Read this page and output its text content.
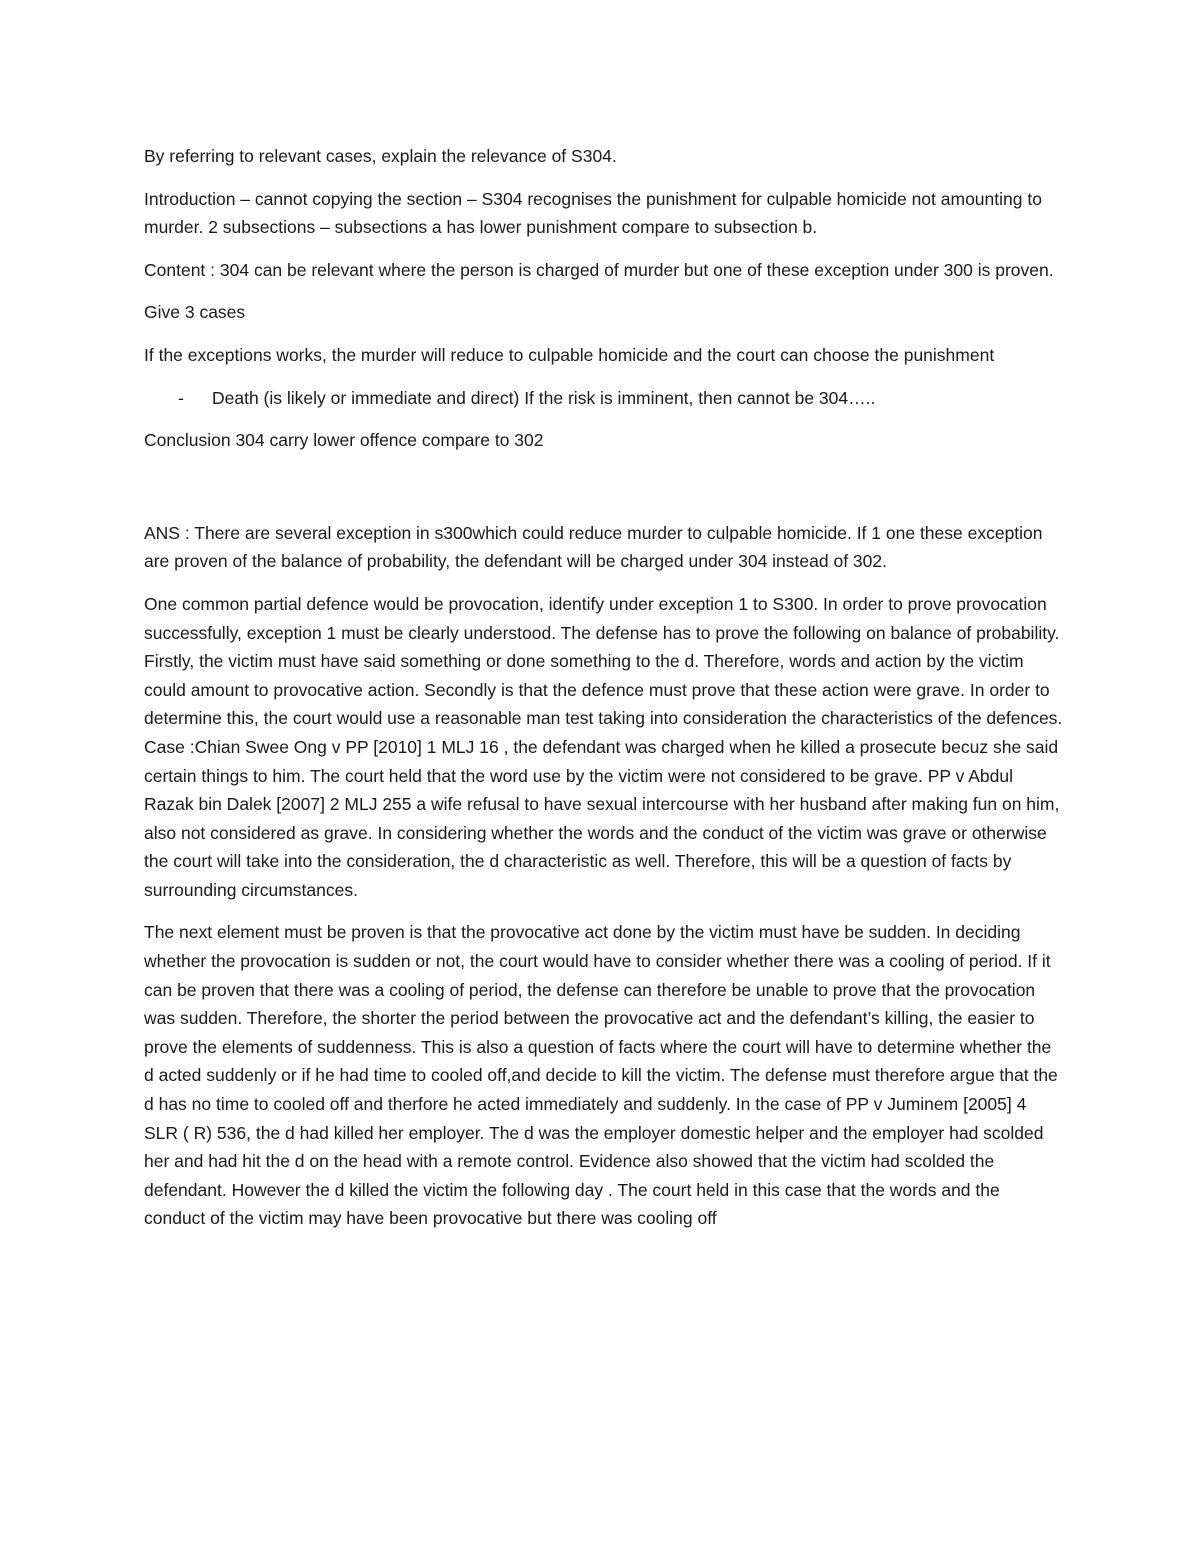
By referring to relevant cases, explain the relevance of S304.

Introduction – cannot copying the section – S304 recognises the punishment for culpable homicide not amounting to murder. 2 subsections – subsections a has lower punishment compare to subsection b.

Content : 304 can be relevant where the person is charged of murder but one of these exception under 300 is proven.

Give 3 cases

If the exceptions works, the murder will reduce to culpable homicide and the court can choose the punishment

-	Death (is likely or immediate and direct) If the risk is imminent, then cannot be 304…..

Conclusion 304 carry lower offence compare to 302

ANS : There are several exception in s300which could reduce murder to culpable homicide. If 1 one these exception are proven of the balance of probability, the defendant will be charged under 304 instead of 302.

One common partial defence would be provocation, identify under exception 1 to S300. In order to prove provocation successfully, exception 1 must be clearly understood. The defense has to prove the following on balance of probability. Firstly, the victim must have said something or done something to the d. Therefore, words and action by the victim could amount to provocative action. Secondly is that the defence must prove that these action were grave. In order to determine this, the court would use a reasonable man test taking into consideration the characteristics of the defences. Case :Chian Swee Ong v PP [2010] 1 MLJ 16 , the defendant was charged when he killed a prosecute becuz she said certain things to him. The court held that the word use by the victim were not considered to be grave. PP v Abdul Razak bin Dalek [2007] 2 MLJ 255 a wife refusal to have sexual intercourse with her husband after making fun on him, also not considered as grave. In considering whether the words and the conduct of the victim was grave or otherwise the court will take into the consideration, the d characteristic as well. Therefore, this will be a question of facts by surrounding circumstances.

The next element must be proven is that the provocative act done by the victim must have be sudden. In deciding whether the provocation is sudden or not, the court would have to consider whether there was a cooling of period. If it can be proven that there was a cooling of period, the defense can therefore be unable to prove that the provocation was sudden. Therefore, the shorter the period between the provocative act and the defendant’s killing, the easier to prove the elements of suddenness. This is also a question of facts where the court will have to determine whether the d acted suddenly or if he had time to cooled off,and decide to kill the victim. The defense must therefore argue that the d has no time to cooled off and therfore he acted immediately and suddenly. In the case of PP v Juminem [2005] 4 SLR ( R) 536, the d had killed her employer. The d was the employer domestic helper and the employer had scolded her and had hit the d on the head with a remote control. Evidence also showed that the victim had scolded the defendant. However the d killed the victim the following day . The court held in this case that the words and the conduct of the victim may have been provocative but there was cooling off
